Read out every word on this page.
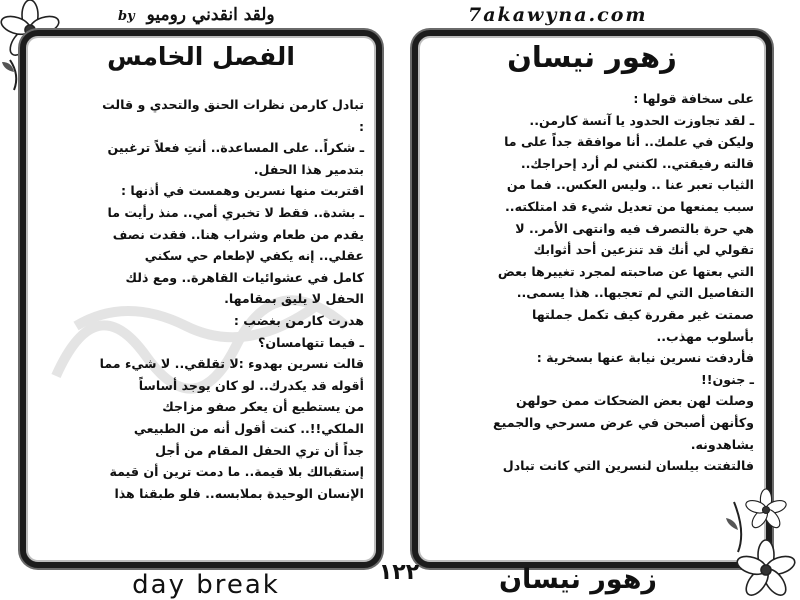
7akawyna.com
by ولقد انقدني روميو
الفصل الخامس

تبادل كارمن نظرات الحنق والتحدي و قالت

:

ـ شكراً.. على المساعدة.. أنتِ فعلاً ترغبين

بتدمير هذا الحفل.

اقتربت منها نسرين وهمست في أذنها :

ـ بشدة.. فقط لا تخبري أمي.. منذ رأيت ما

يقدم من طعام وشراب هنا.. فقدت نصف

عقلي.. إنه يكفي لإطعام حي سكني

كامل في عشوائيات القاهرة.. ومع ذلك

الحفل لا يليق بمقامها.

هدرت كارمن بغضب :

ـ فيما تتهامسان؟

قالت نسرين بهدوء :لا تقلقي.. لا شيء مما

أقوله قد يكدرك.. لو كان يوجد أساساً

من يستطيع أن يعكر صفو مزاجك

الملكي!!.. كنت أقول أنه من الطبيعي

جداً أن تري الحفل المقام من أجل

إستقبالك بلا قيمة.. ما دمت ترين أن قيمة

الإنسان الوحيدة بملابسه.. فلو طبقنا هذا

زهور نيسان

على سخافة قولها :

ـ لقد تجاوزت الحدود يا آنسة كارمن..

وليكن في علمك.. أنا موافقة جداً على ما

قالته رفيقتي.. لكنني لم أرد إحراجك..

الثياب تعبر عنا .. وليس العكس.. فما من

سبب يمنعها من تعديل شيء قد امتلكته..

هي حرة بالتصرف فيه وانتهى الأمر.. لا

تقولي لي أنك قد تنزعين أحد أثوابك

التي بعتها عن صاحبته لمجرد تغييرها بعض

التفاصيل التي لم تعجبها.. هذا يسمى..

صمتت غير مقررة كيف تكمل جملتها

بأسلوب مهذب..

فأردفت نسرين نيابة عنها بسخرية :

ـ جنون!!

وصلت لهن بعض الضحكات ممن حولهن

وكأنهن أصبحن في عرض مسرحي والجميع

يشاهدونه.

فالتفتت بيلسان لنسرين التي كانت تبادل

day break	١٢٢	زهور نيسان
